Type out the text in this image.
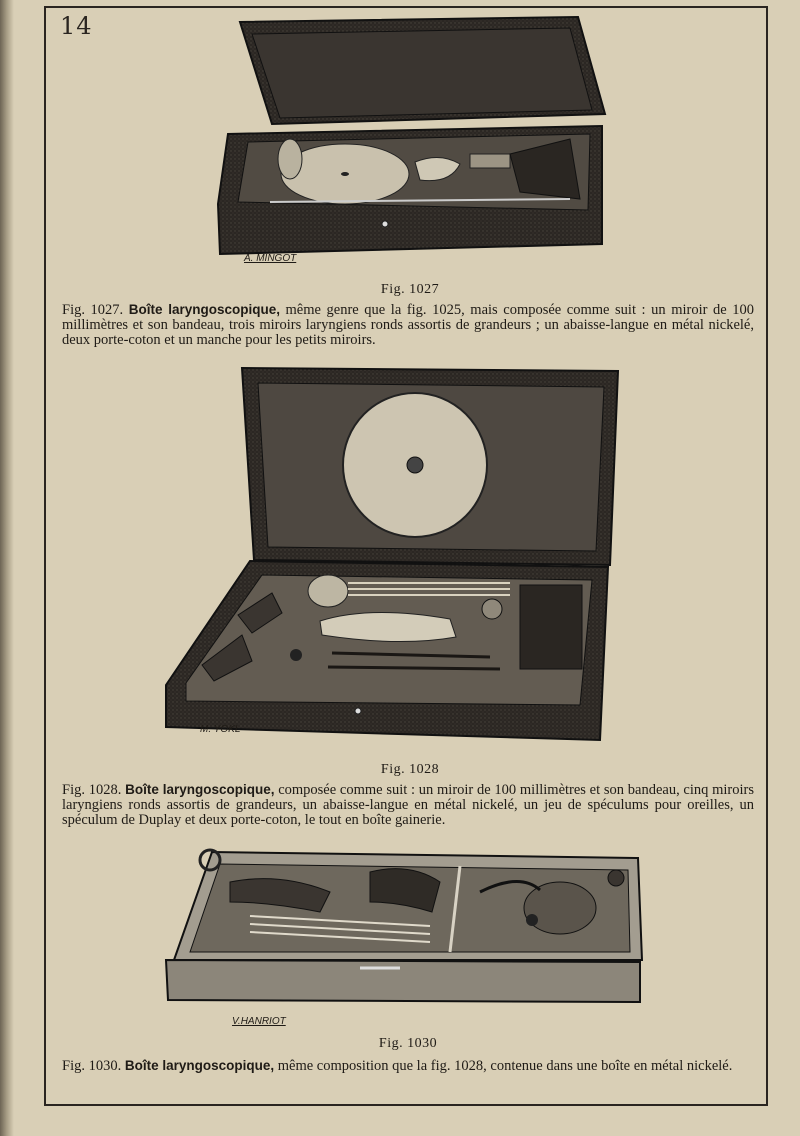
14
A. MINGOT
Fig. 1027
Fig. 1027. Boîte laryngoscopique, même genre que la fig. 1025, mais composée comme suit : un miroir de 100 millimètres et son bandeau, trois miroirs laryngiens ronds assortis de grandeurs ; un abaisse-langue en métal nickelé, deux porte-coton et un manche pour les petits miroirs.
M. YOKL
Fig. 1028
Fig. 1028. Boîte laryngoscopique, composée comme suit : un miroir de 100 millimètres et son bandeau, cinq miroirs laryngiens ronds assortis de grandeurs, un abaisse-langue en métal nickelé, un jeu de spéculums pour oreilles, un spéculum de Duplay et deux porte-coton, le tout en boîte gainerie.
V.HANRIOT
Fig. 1030
Fig. 1030. Boîte laryngoscopique, même composition que la fig. 1028, contenue dans une boîte en métal nickelé.
